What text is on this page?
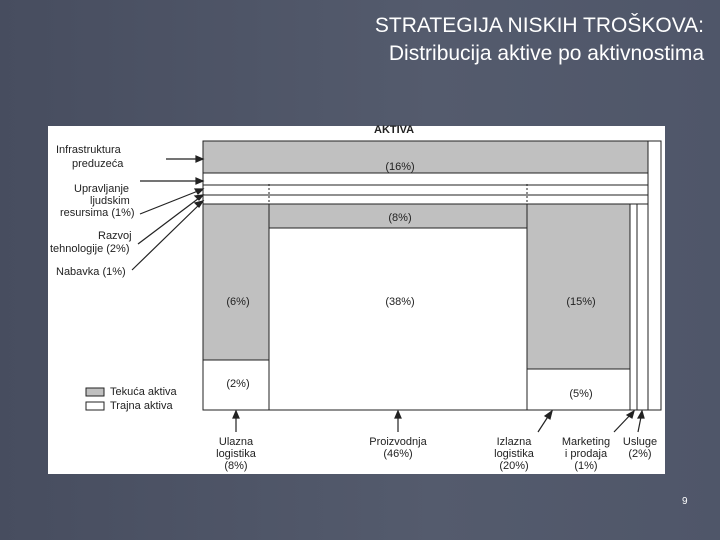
STRATEGIJA NISKIH TROŠKOVA:
Distribucija aktive po aktivnostima
AKTIVA
Infrastruktura
preduzeća
Upravljanje
ljudskim
resursima (1%)
Razvoj
tehnologije (2%)
Nabavka (1%)
(16%)
(8%)
(6%)	(38%)	(15%)
(2%)
(5%)
Tekuća aktiva
Trajna aktiva
Ulazna
logistika
(8%)
Proizvodnja
(46%)
Izlazna
logistika
(20%)
Marketing
i prodaja
(1%)
Usluge
(2%)
9
